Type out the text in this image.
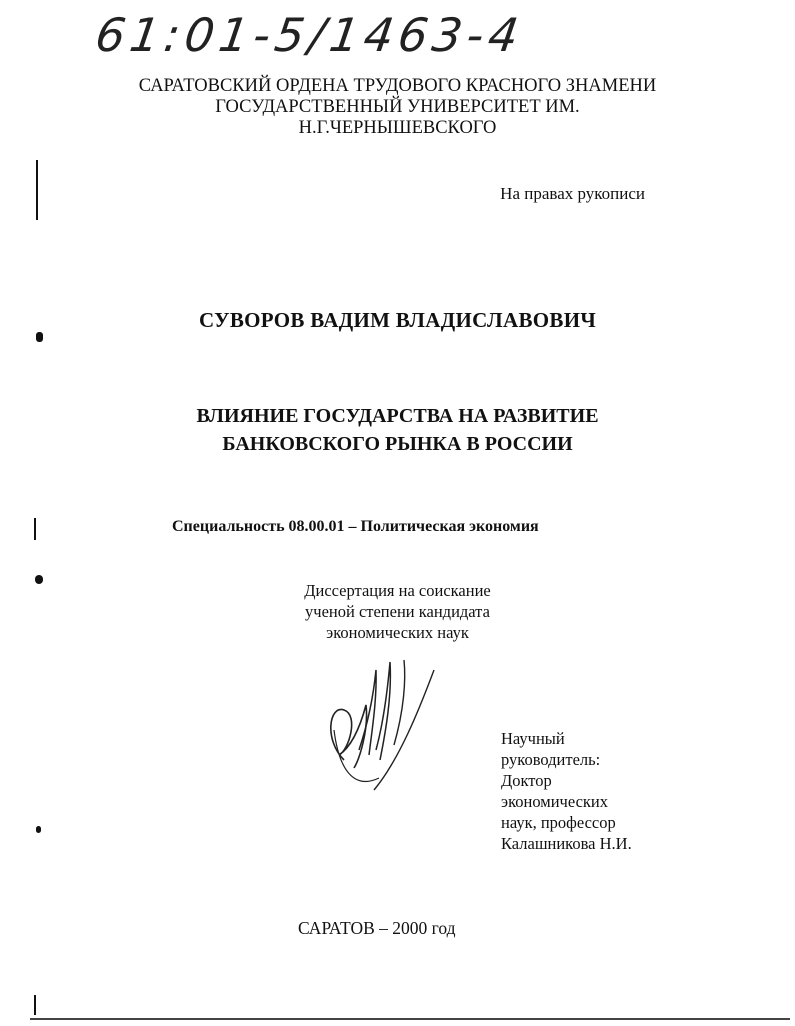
61:01-5/1463-4
САРАТОВСКИЙ ОРДЕНА ТРУДОВОГО КРАСНОГО ЗНАМЕНИ
ГОСУДАРСТВЕННЫЙ УНИВЕРСИТЕТ ИМ.
Н.Г.ЧЕРНЫШЕВСКОГО
На правах рукописи
СУВОРОВ ВАДИМ ВЛАДИСЛАВОВИЧ
ВЛИЯНИЕ ГОСУДАРСТВА НА РАЗВИТИЕ
БАНКОВСКОГО РЫНКА В РОССИИ
Специальность 08.00.01 – Политическая экономия
Диссертация на соискание
ученой степени кандидата
экономических наук
Научный
руководитель:
Доктор
экономических
наук, профессор
Калашникова Н.И.
САРАТОВ – 2000 год
